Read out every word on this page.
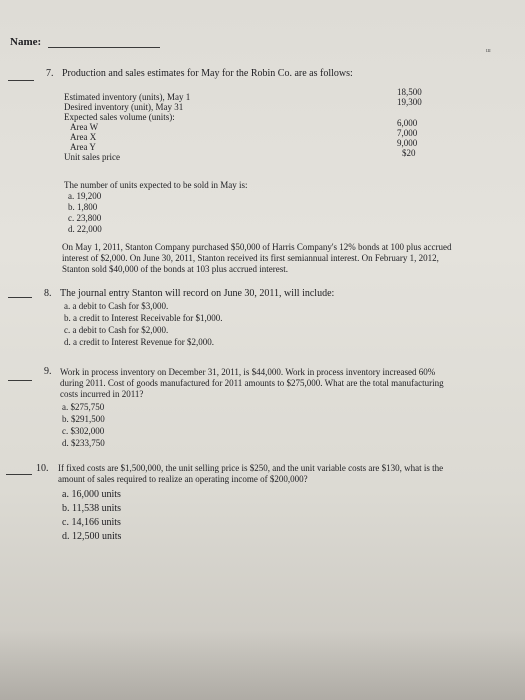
Name:
ш
7. Production and sales estimates for May for the Robin Co. are as follows:
Estimated inventory (units), May 1	18,500
Desired inventory (unit), May 31	19,300
Expected sales volume (units):
Area W	6,000
Area X	7,000
Area Y	9,000
Unit sales price	$20
The number of units expected to be sold in May is:
a. 19,200
b. 1,800
c. 23,800
d. 22,000
On May 1, 2011, Stanton Company purchased $50,000 of Harris Company's 12% bonds at 100 plus accrued
interest of $2,000. On June 30, 2011, Stanton received its first semiannual interest. On February 1, 2012,
Stanton sold $40,000 of the bonds at 103 plus accrued interest.
8. The journal entry Stanton will record on June 30, 2011, will include:
a. a debit to Cash for $3,000.
b. a credit to Interest Receivable for $1,000.
c. a debit to Cash for $2,000.
d. a credit to Interest Revenue for $2,000.
9. Work in process inventory on December 31, 2011, is $44,000. Work in process inventory increased 60%
during 2011. Cost of goods manufactured for 2011 amounts to $275,000. What are the total manufacturing
costs incurred in 2011?
a. $275,750
b. $291,500
c. $302,000
d. $233,750
10. If fixed costs are $1,500,000, the unit selling price is $250, and the unit variable costs are $130, what is the
amount of sales required to realize an operating income of $200,000?
a. 16,000 units
b. 11,538 units
c. 14,166 units
d. 12,500 units
